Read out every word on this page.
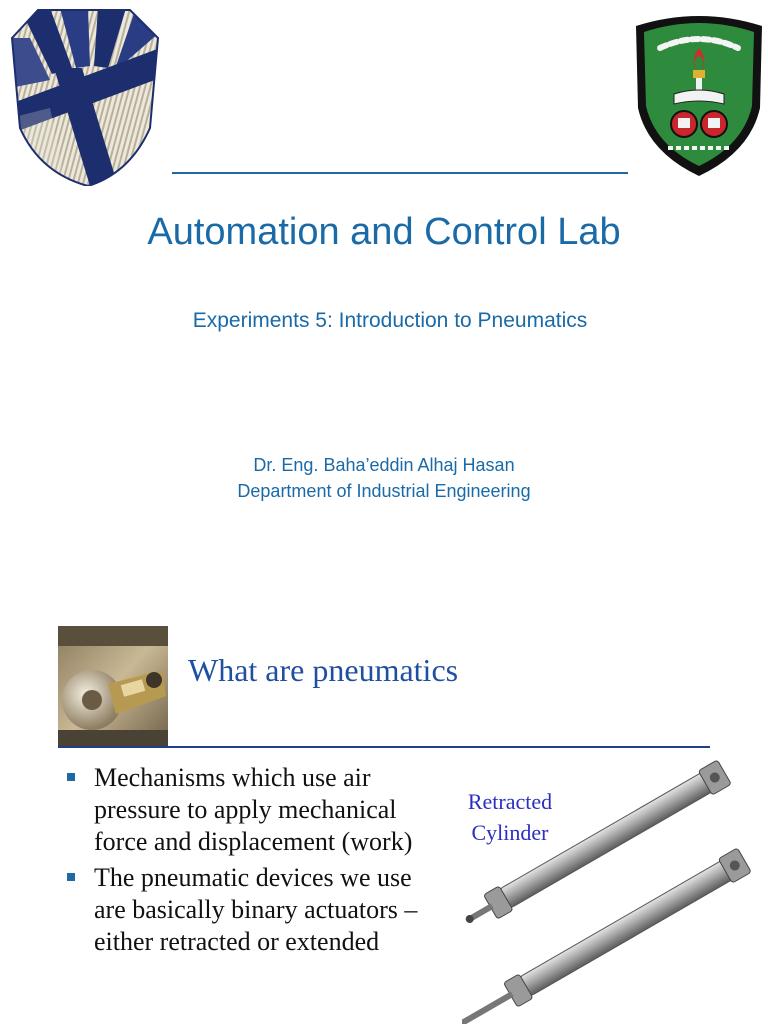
Automation and Control Lab
Experiments 5: Introduction to Pneumatics
Dr. Eng. Baha’eddin Alhaj Hasan
Department of Industrial Engineering
What are pneumatics
Mechanisms which use air pressure to apply mechanical force and displacement (work)
The pneumatic devices we use are basically binary actuators – either retracted or extended
Retracted Cylinder
